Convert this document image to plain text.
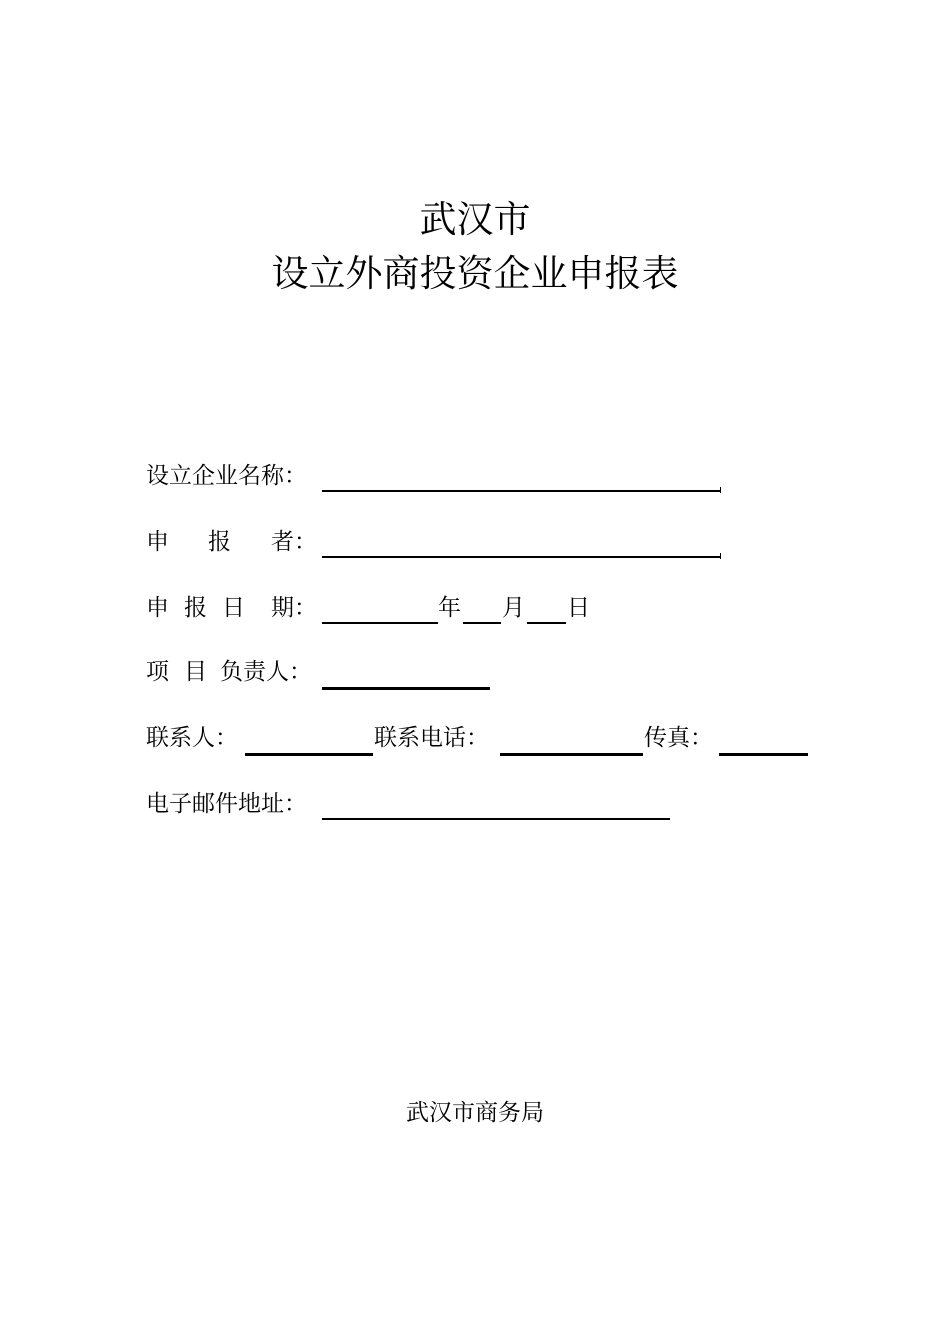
武汉市
设立外商投资企业申报表
设立企业名称：
申 报 者：
申 报 日 期：	年 月 日
项 目 负责人：
联系人：	联系电话：	传真：
电子邮件地址：
武汉市商务局
